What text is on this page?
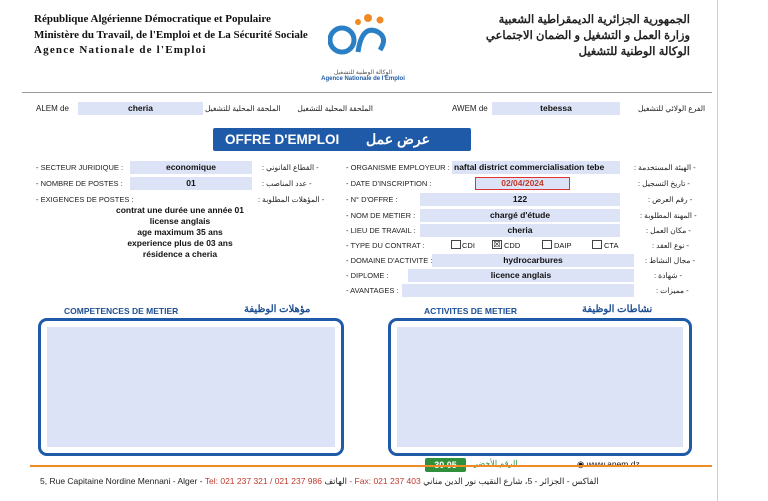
République Algérienne Démocratique et Populaire
Ministère du Travail, de l'Emploi et de La Sécurité Sociale
Agence Nationale de l'Emploi
الوكالة الوطنية للتشغيل
Agence Nationale de l'Emploi
الجمهورية الجزائرية الديمقراطية الشعبية
وزارة العمل و التشغيل و الضمان الاجتماعي
الوكالة الوطنية للتشغيل
ALEM de	cheria	الملحقة المحلية للتشغيل الملحقة المحلية للتشغيل	AWEM de	tebessa	الفرع الولائي للتشغيل
OFFRE D'EMPLOI عرض عمل
- SECTEUR JURIDIQUE :	economique	- القطاع القانوني :
- NOMBRE DE POSTES :	01	- عدد المناصب :
- EXIGENCES DE POSTES :	- المؤهلات المطلوبة :
contrat une durée une année 01
license anglais
age maximum 35 ans
experience plus de 03 ans
résidence a cheria
- ORGANISME EMPLOYEUR : naftal district commercialisation tebe	- الهيئة المستخدمة :
- DATE D'INSCRIPTION :	02/04/2024	- تاريخ التسجيل :
- N° D'OFFRE :	122	- رقم العرض :
- NOM DE METIER :	chargé d'étude	- المهنة المطلوبة :
- LIEU DE TRAVAIL :	cheria	- مكان العمل :
- TYPE DU CONTRAT :	CDI ☒ CDD	DAIP	CTA	- نوع العقد :
- DOMAINE D'ACTIVITE :	hydrocarbures	- مجال النشاط :
- DIPLOME :	licence anglais	- شهادة :
- AVANTAGES :	- مميزات :
COMPETENCES DE METIER	مؤهلات الوظيفة	ACTIVITES DE METIER	نشاطات الوظيفة
30 05	الرقم الأخضر	◉ www.anem.dz
5, Rue Capitaine Nordine Mennani - Alger - Tel: 021 237 321 / 021 237 986 الهاتف - Fax: 021 237 403 الفاكس - الجزائر - 5، شارع النقيب نور الدين مناني
